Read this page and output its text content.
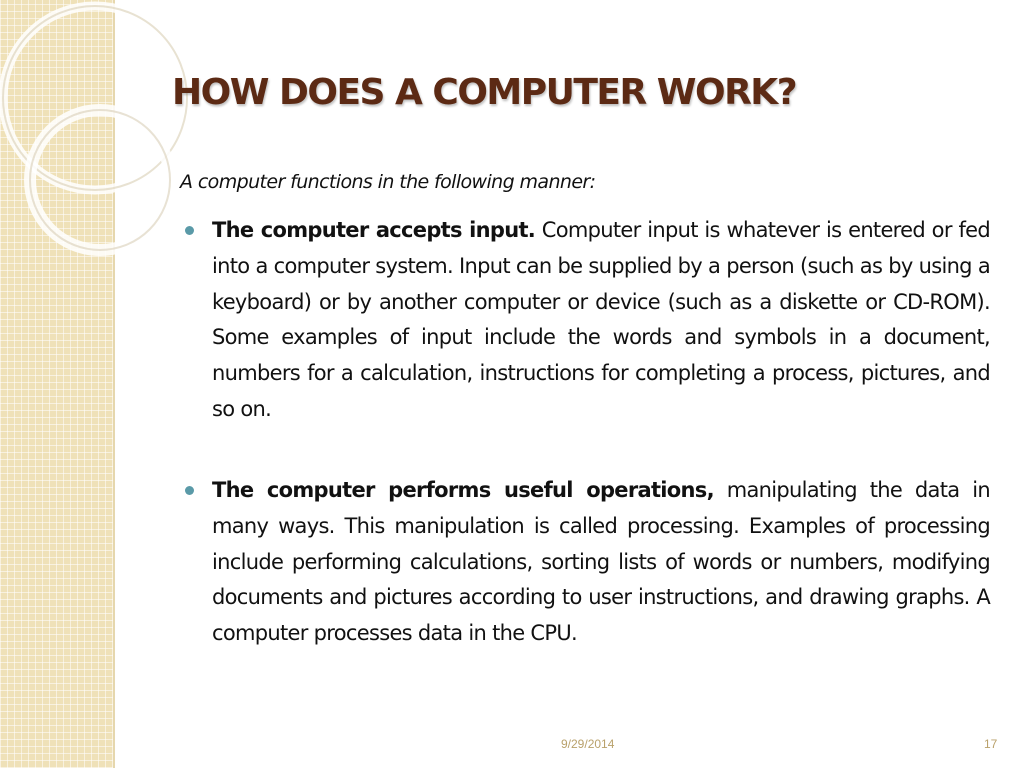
HOW DOES A COMPUTER WORK?
A computer functions in the following manner:
The computer accepts input. Computer input is whatever is entered or fed into a computer system. Input can be supplied by a person (such as by using a keyboard) or by another computer or device (such as a diskette or CD-ROM). Some examples of input include the words and symbols in a document, numbers for a calculation, instructions for completing a process, pictures, and so on.
The computer performs useful operations, manipulating the data in many ways. This manipulation is called processing. Examples of processing include performing calculations, sorting lists of words or numbers, modifying documents and pictures according to user instructions, and drawing graphs. A computer processes data in the CPU.
9/29/2014	17
